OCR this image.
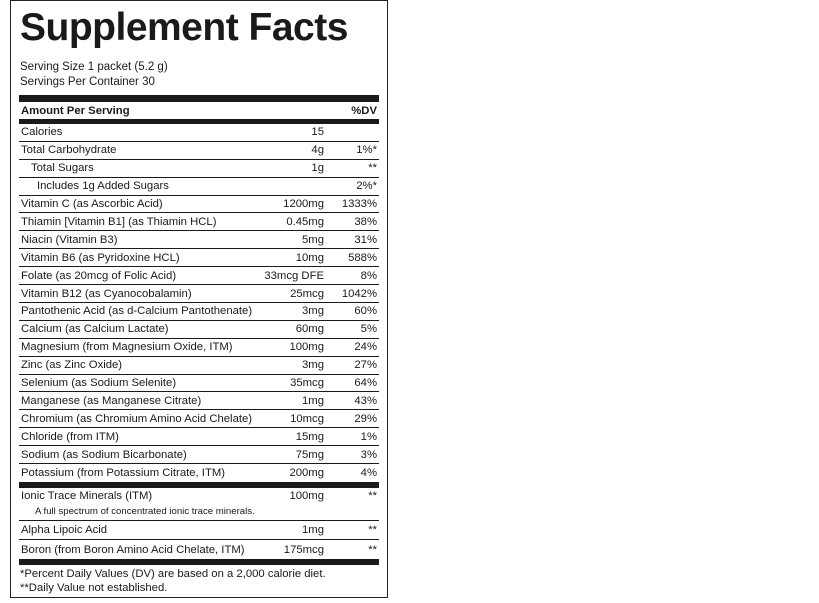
Supplement Facts
Serving Size 1 packet (5.2 g)
Servings Per Container 30
Amount Per Serving	%DV
Calories	15
Total Carbohydrate	4g	1%*
Total Sugars	1g	**
Includes 1g Added Sugars	2%*
Vitamin C (as Ascorbic Acid)	1200mg 1333%
Thiamin [Vitamin B1] (as Thiamin HCL)	0.45mg	38%
Niacin (Vitamin B3)	5mg	31%
Vitamin B6 (as Pyridoxine HCL)	10mg 588%
Folate (as 20mcg of Folic Acid)	33mcg DFE	8%
Vitamin B12 (as Cyanocobalamin)	25mcg 1042%
Pantothenic Acid (as d-Calcium Pantothenate)	3mg	60%
Calcium (as Calcium Lactate)	60mg	5%
Magnesium (from Magnesium Oxide, ITM)	100mg	24%
Zinc (as Zinc Oxide)	3mg	27%
Selenium (as Sodium Selenite)	35mcg	64%
Manganese (as Manganese Citrate)	1mg	43%
Chromium (as Chromium Amino Acid Chelate)	10mcg	29%
Chloride (from ITM)	15mg	1%
Sodium (as Sodium Bicarbonate)	75mg	3%
Potassium (from Potassium Citrate, ITM)	200mg	4%
Ionic Trace Minerals (ITM)	100mg	**
A full spectrum of concentrated ionic trace minerals.
Alpha Lipoic Acid	1mg	**
Boron (from Boron Amino Acid Chelate, ITM)	175mcg	**
*Percent Daily Values (DV) are based on a 2,000 calorie diet.
**Daily Value not established.
